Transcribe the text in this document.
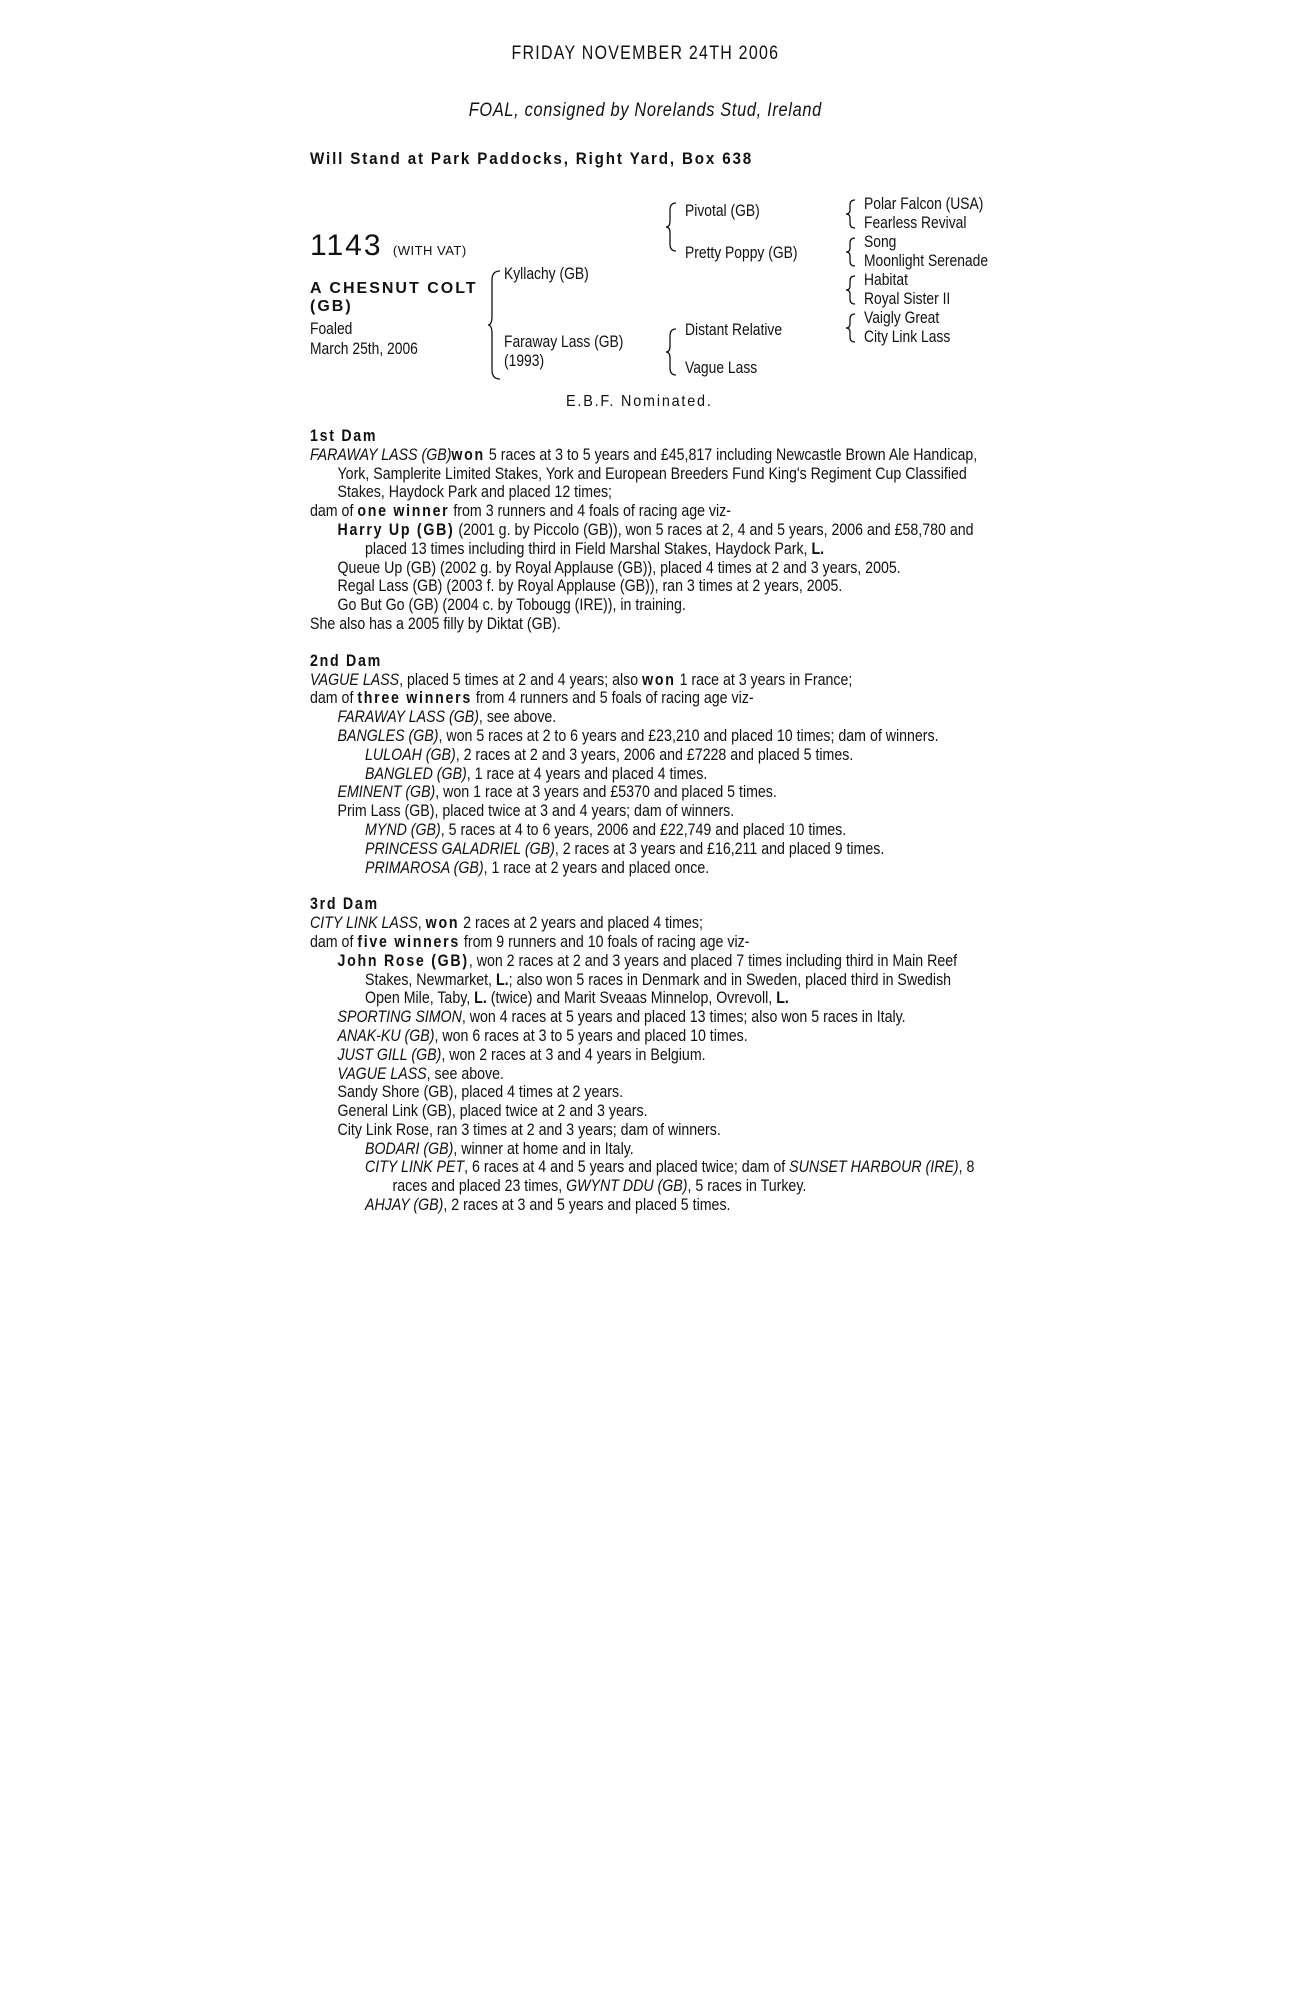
FRIDAY NOVEMBER 24TH 2006
FOAL, consigned by Norelands Stud, Ireland
Will Stand at Park Paddocks, Right Yard, Box 638
1143 (WITH VAT)
A CHESNUT COLT (GB)
Foaled
March 25th, 2006
Kyllachy (GB)
Faraway Lass (GB)
(1993)
Pivotal (GB)
Pretty Poppy (GB)
Distant Relative
Vague Lass
Polar Falcon (USA)
Fearless Revival
Song
Moonlight Serenade
Habitat
Royal Sister II
Vaigly Great
City Link Lass
E.B.F. Nominated.

1st Dam

FARAWAY LASS (GB)won 5 races at 3 to 5 years and £45,817 including Newcastle Brown Ale Handicap, York, Samplerite Limited Stakes, York and European Breeders Fund King's Regiment Cup Classified Stakes, Haydock Park and placed 12 times;

dam of one winner from 3 runners and 4 foals of racing age viz-

Harry Up (GB) (2001 g. by Piccolo (GB)), won 5 races at 2, 4 and 5 years, 2006 and £58,780 and placed 13 times including third in Field Marshal Stakes, Haydock Park, L.

Queue Up (GB) (2002 g. by Royal Applause (GB)), placed 4 times at 2 and 3 years, 2005.

Regal Lass (GB) (2003 f. by Royal Applause (GB)), ran 3 times at 2 years, 2005.

Go But Go (GB) (2004 c. by Tobougg (IRE)), in training.

She also has a 2005 filly by Diktat (GB).

2nd Dam

VAGUE LASS, placed 5 times at 2 and 4 years; also won 1 race at 3 years in France;

dam of three winners from 4 runners and 5 foals of racing age viz-

FARAWAY LASS (GB), see above.

BANGLES (GB), won 5 races at 2 to 6 years and £23,210 and placed 10 times; dam of winners.

LULOAH (GB), 2 races at 2 and 3 years, 2006 and £7228 and placed 5 times.

BANGLED (GB), 1 race at 4 years and placed 4 times.

EMINENT (GB), won 1 race at 3 years and £5370 and placed 5 times.

Prim Lass (GB), placed twice at 3 and 4 years; dam of winners.

MYND (GB), 5 races at 4 to 6 years, 2006 and £22,749 and placed 10 times.

PRINCESS GALADRIEL (GB), 2 races at 3 years and £16,211 and placed 9 times.

PRIMAROSA (GB), 1 race at 2 years and placed once.

3rd Dam

CITY LINK LASS, won 2 races at 2 years and placed 4 times;

dam of five winners from 9 runners and 10 foals of racing age viz-

John Rose (GB), won 2 races at 2 and 3 years and placed 7 times including third in Main Reef Stakes, Newmarket, L.; also won 5 races in Denmark and in Sweden, placed third in Swedish Open Mile, Taby, L. (twice) and Marit Sveaas Minnelop, Ovrevoll, L.

SPORTING SIMON, won 4 races at 5 years and placed 13 times; also won 5 races in Italy.

ANAK-KU (GB), won 6 races at 3 to 5 years and placed 10 times.

JUST GILL (GB), won 2 races at 3 and 4 years in Belgium.

VAGUE LASS, see above.

Sandy Shore (GB), placed 4 times at 2 years.

General Link (GB), placed twice at 2 and 3 years.

City Link Rose, ran 3 times at 2 and 3 years; dam of winners.

BODARI (GB), winner at home and in Italy.

CITY LINK PET, 6 races at 4 and 5 years and placed twice; dam of SUNSET HARBOUR (IRE), 8 races and placed 23 times, GWYNT DDU (GB), 5 races in Turkey.

AHJAY (GB), 2 races at 3 and 5 years and placed 5 times.
